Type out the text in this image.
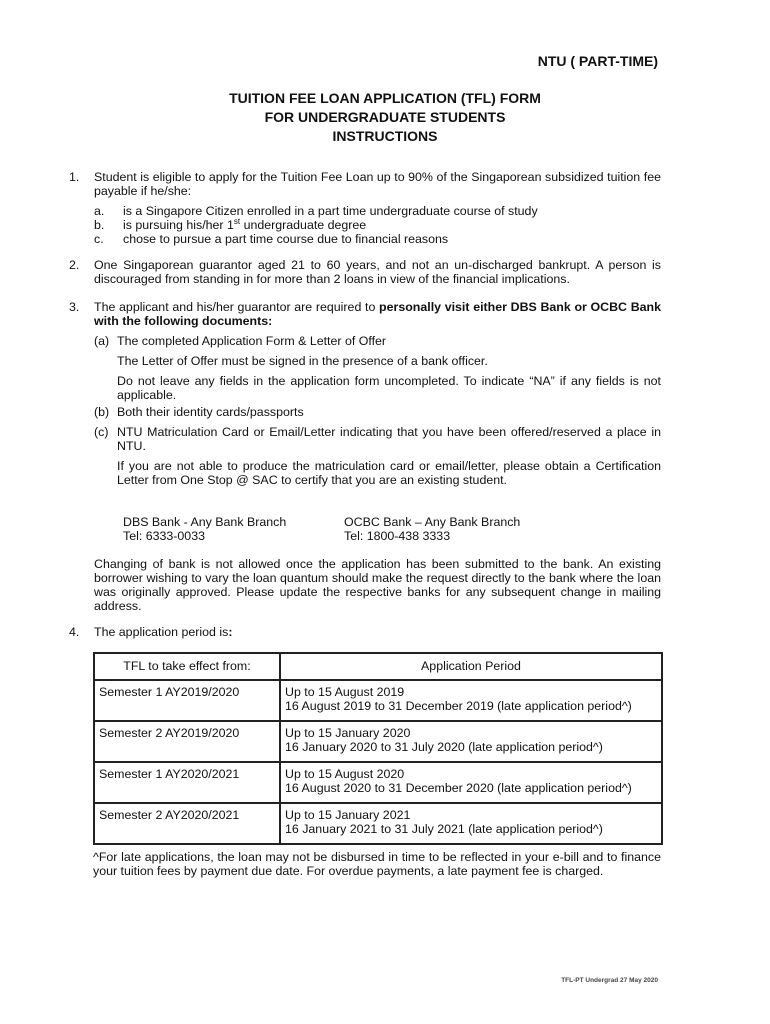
NTU ( PART-TIME)
TUITION FEE LOAN APPLICATION (TFL) FORM
FOR UNDERGRADUATE STUDENTS
INSTRUCTIONS
1. Student is eligible to apply for the Tuition Fee Loan up to 90% of the Singaporean subsidized tuition fee payable if he/she:
a. is a Singapore Citizen enrolled in a part time undergraduate course of study
b. is pursuing his/her 1st undergraduate degree
c. chose to pursue a part time course due to financial reasons
2. One Singaporean guarantor aged 21 to 60 years, and not an un-discharged bankrupt. A person is discouraged from standing in for more than 2 loans in view of the financial implications.
3. The applicant and his/her guarantor are required to personally visit either DBS Bank or OCBC Bank with the following documents:
(a) The completed Application Form & Letter of Offer
The Letter of Offer must be signed in the presence of a bank officer.
Do not leave any fields in the application form uncompleted. To indicate “NA” if any fields is not applicable.
(b) Both their identity cards/passports
(c) NTU Matriculation Card or Email/Letter indicating that you have been offered/reserved a place in NTU.
If you are not able to produce the matriculation card or email/letter, please obtain a Certification Letter from One Stop @ SAC to certify that you are an existing student.
DBS Bank - Any Bank Branch
Tel: 6333-0033
OCBC Bank – Any Bank Branch
Tel: 1800-438 3333
Changing of bank is not allowed once the application has been submitted to the bank. An existing borrower wishing to vary the loan quantum should make the request directly to the bank where the loan was originally approved. Please update the respective banks for any subsequent change in mailing address.
4. The application period is:
TFL to take effect from:	Application Period
Semester 1 AY2019/2020	Up to 15 August 2019
16 August 2019 to 31 December 2019 (late application period^)

Semester 2 AY2019/2020	Up to 15 January 2020
16 January 2020 to 31 July 2020 (late application period^)

Semester 1 AY2020/2021	Up to 15 August 2020
16 August 2020 to 31 December 2020 (late application period^)

Semester 2 AY2020/2021	Up to 15 January 2021
16 January 2021 to 31 July 2021 (late application period^)
^For late applications, the loan may not be disbursed in time to be reflected in your e-bill and to finance your tuition fees by payment due date. For overdue payments, a late payment fee is charged.
TFL-PT Undergrad 27 May 2020
